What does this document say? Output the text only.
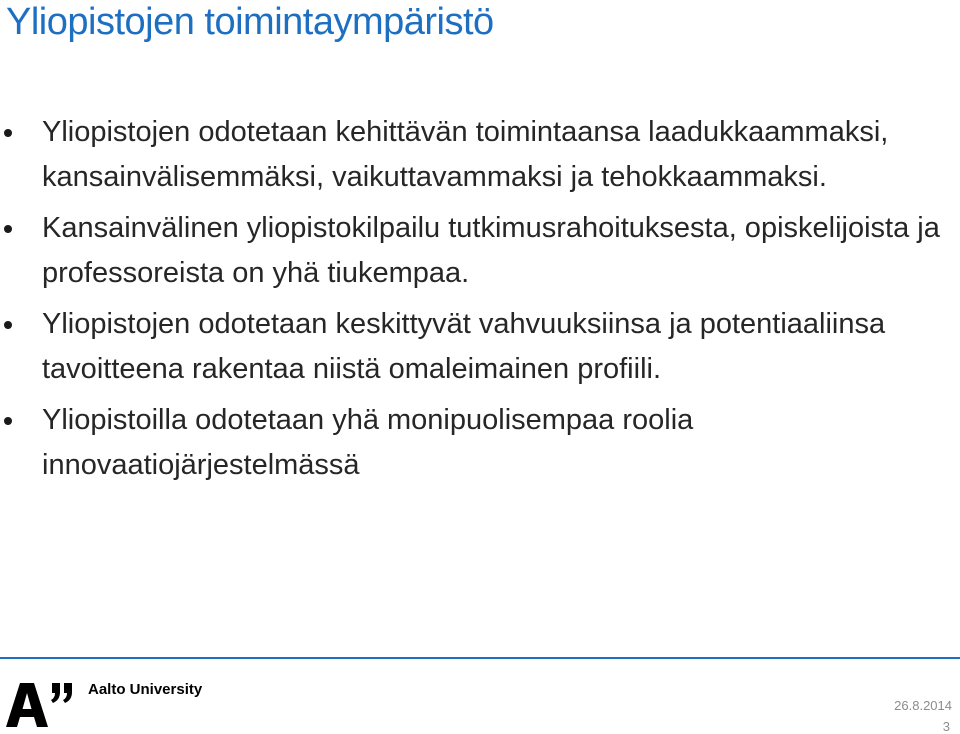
Yliopistojen toimintaympäristö
Yliopistojen odotetaan kehittävän toimintaansa laadukkaammaksi, kansainvälisemmäksi, vaikuttavammaksi ja tehokkaammaksi.
Kansainvälinen yliopistokilpailu tutkimusrahoituksesta, opiskelijoista ja professoreista on yhä tiukempaa.
Yliopistojen odotetaan keskittyvät vahvuuksiinsa ja potentiaaliinsa tavoitteena rakentaa niistä omaleimainen profiili.
Yliopistoilla odotetaan yhä monipuolisempaa roolia innovaatiojärjestelmässä
Aalto University
26.8.2014
3
